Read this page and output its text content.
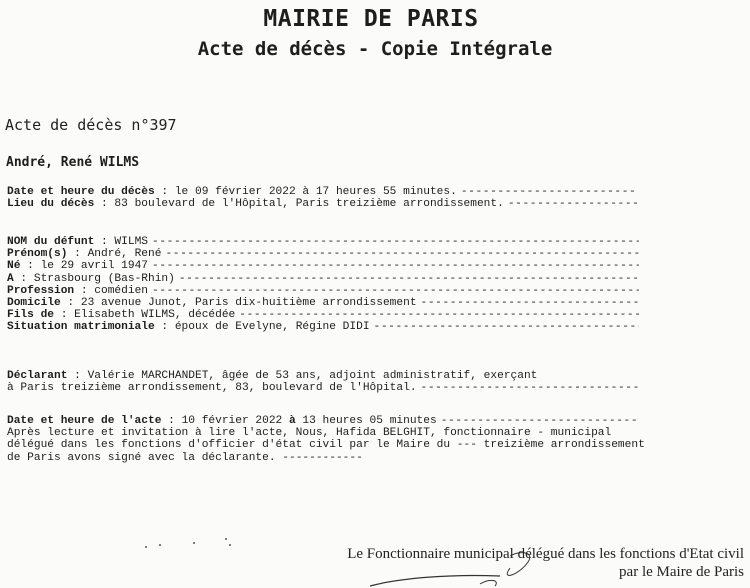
MAIRIE DE PARIS
Acte de décès - Copie Intégrale
Acte de décès n°397
André, René WILMS
Date et heure du décès : le 09 février 2022 à 17 heures 55 minutes.
-----
Lieu du décès : 83 boulevard de l'Hôpital, Paris treizième arrondissement.
-----
NOM du défunt : WILMS
-----
Prénom(s) : André, René
-----
Né : le 29 avril 1947
-----
À : Strasbourg (Bas-Rhin)
-----
Profession : comédien
-----
Domicile : 23 avenue Junot, Paris dix-huitième arrondissement
-----
Fils de : Elisabeth WILMS, décédée
-----
Situation matrimoniale : époux de Evelyne, Régine DIDI
-----
Déclarant : Valérie MARCHANDET, âgée de 53 ans, adjoint administratif, exerçant
à Paris treizième arrondissement, 83, boulevard de l'Hôpital.
-----
Date et heure de l'acte : 10 février 2022 à 13 heures 05 minutes
-----

Après lecture et invitation à lire l'acte, Nous, Hafida BELGHIT, fonctionnaire - municipal délégué dans les fonctions d'officier d'état civil par le Maire du --- treizième arrondissement de Paris avons signé avec la déclarante. -----

Le Fonctionnaire municipal délégué dans les fonctions d'Etat civil
par le Maire de Paris
